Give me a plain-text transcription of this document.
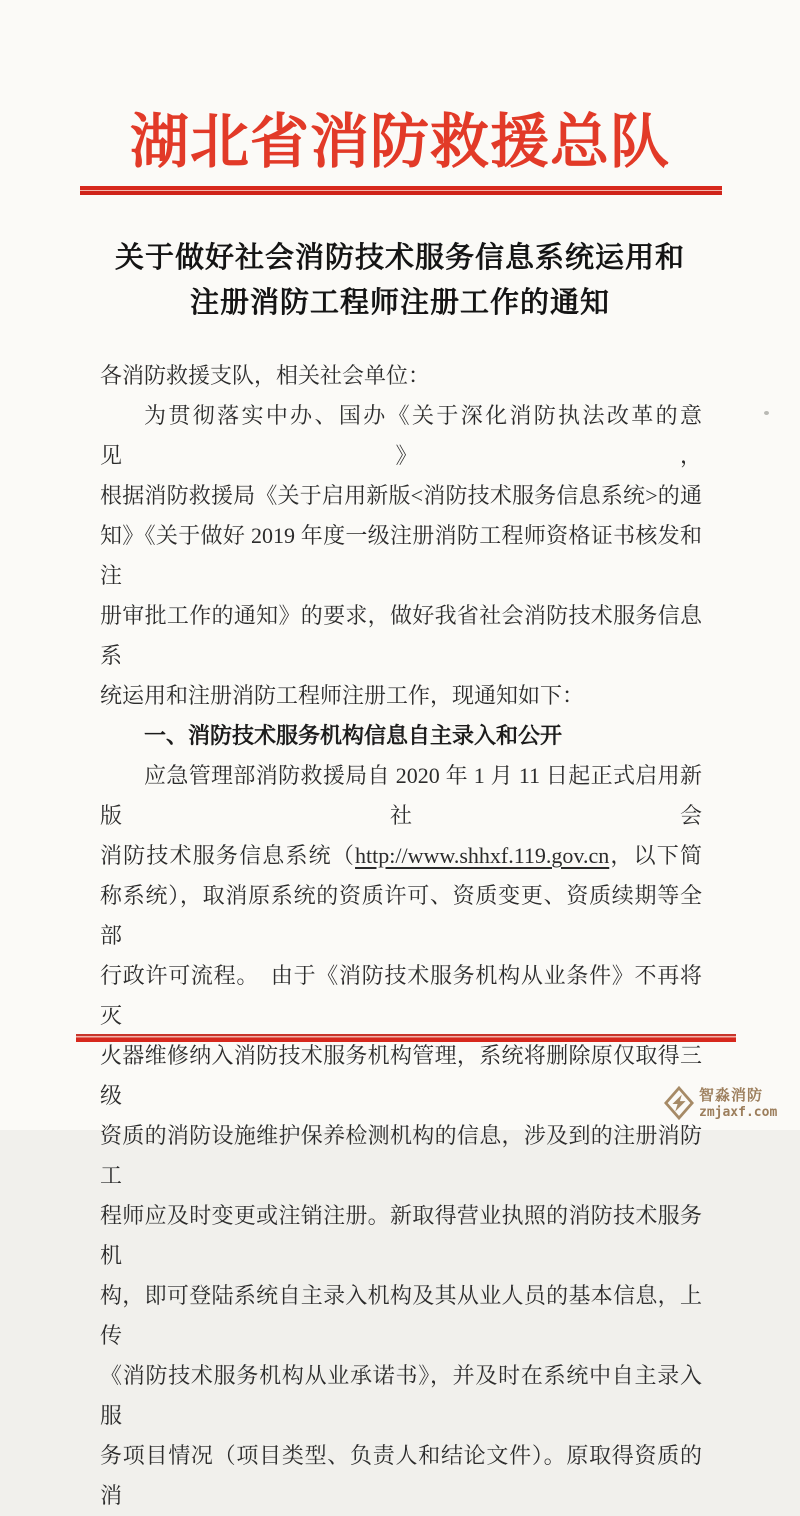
湖北省消防救援总队
关于做好社会消防技术服务信息系统运用和
注册消防工程师注册工作的通知
各消防救援支队，相关社会单位：
为贯彻落实中办、国办《关于深化消防执法改革的意见》，
根据消防救援局《关于启用新版<消防技术服务信息系统>的通
知》《关于做好 2019 年度一级注册消防工程师资格证书核发和注
册审批工作的通知》的要求，做好我省社会消防技术服务信息系
统运用和注册消防工程师注册工作，现通知如下：
一、消防技术服务机构信息自主录入和公开
应急管理部消防救援局自 2020 年 1 月 11 日起正式启用新版社会
消防技术服务信息系统（http://www.shhxf.119.gov.cn，以下简
称系统），取消原系统的资质许可、资质变更、资质续期等全部
行政许可流程。　由于《消防技术服务机构从业条件》不再将灭
火器维修纳入消防技术服务机构管理，系统将删除原仅取得三级
资质的消防设施维护保养检测机构的信息，涉及到的注册消防工
程师应及时变更或注销注册。新取得营业执照的消防技术服务机
构，即可登陆系统自主录入机构及其从业人员的基本信息，上传
《消防技术服务机构从业承诺书》，并及时在系统中自主录入服
务项目情况（项目类型、负责人和结论文件）。原取得资质的消
智淼消防
zmjaxf.com
